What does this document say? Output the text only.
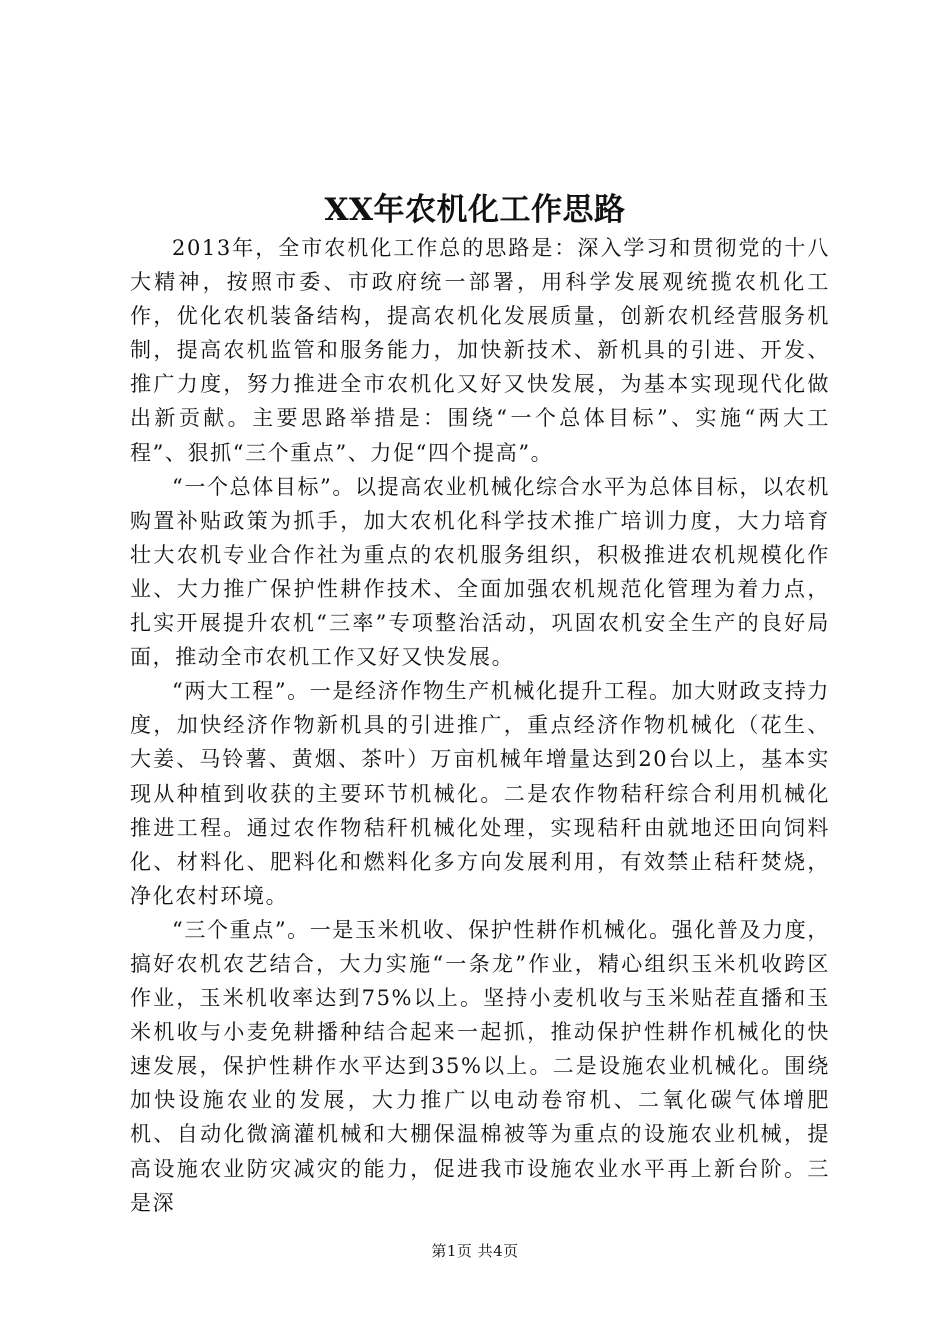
XX年农机化工作思路

2013年，全市农机化工作总的思路是：深入学习和贯彻党的十八大精神，按照市委、市政府统一部署，用科学发展观统揽农机化工作，优化农机装备结构，提高农机化发展质量，创新农机经营服务机制，提高农机监管和服务能力，加快新技术、新机具的引进、开发、推广力度，努力推进全市农机化又好又快发展，为基本实现现代化做出新贡献。主要思路举措是：围绕“一个总体目标”、实施“两大工程”、狠抓“三个重点”、力促“四个提高”。

“一个总体目标”。以提高农业机械化综合水平为总体目标，以农机购置补贴政策为抓手，加大农机化科学技术推广培训力度，大力培育壮大农机专业合作社为重点的农机服务组织，积极推进农机规模化作业、大力推广保护性耕作技术、全面加强农机规范化管理为着力点，扎实开展提升农机“三率”专项整治活动，巩固农机安全生产的良好局面，推动全市农机工作又好又快发展。

“两大工程”。一是经济作物生产机械化提升工程。加大财政支持力度，加快经济作物新机具的引进推广，重点经济作物机械化（花生、大姜、马铃薯、黄烟、茶叶）万亩机械年增量达到20台以上，基本实现从种植到收获的主要环节机械化。二是农作物秸秆综合利用机械化推进工程。通过农作物秸秆机械化处理，实现秸秆由就地还田向饲料化、材料化、肥料化和燃料化多方向发展利用，有效禁止秸秆焚烧，净化农村环境。

“三个重点”。一是玉米机收、保护性耕作机械化。强化普及力度，搞好农机农艺结合，大力实施“一条龙”作业，精心组织玉米机收跨区作业，玉米机收率达到75%以上。坚持小麦机收与玉米贴茬直播和玉米机收与小麦免耕播种结合起来一起抓，推动保护性耕作机械化的快速发展，保护性耕作水平达到35%以上。二是设施农业机械化。围绕加快设施农业的发展，大力推广以电动卷帘机、二氧化碳气体增肥机、自动化微滴灌机械和大棚保温棉被等为重点的设施农业机械，提高设施农业防灾减灾的能力，促进我市设施农业水平再上新台阶。三是深

第1页 共4页
